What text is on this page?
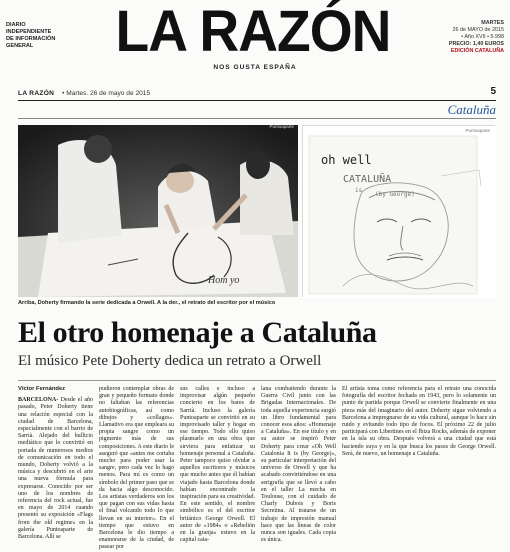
DIARIO
INDEPENDIENTE
DE INFORMACIÓN
GENERAL	LA RAZÓN
NOS GUSTA ESPAÑA
MARTES
26 de MAYO de 2015
• Año XVII • 5.998
PRECIO: 1,40 EUROS
EDICIÓN CATALUÑA
LA RAZÓN • Martes. 26 de mayo de 2015	5
Cataluña
Hom yo
Puntoaparte
oh well
CATALUÑA
is
(by George)
Puntoaparte
Arriba, Doherty firmando la serie dedicada a Orwell. A la der., el retrato del escritor por el músico
El otro homenaje a Cataluña
El músico Pete Doherty dedica un retrato a Orwell
Víctor Fernández

BARCELONA- Desde el año pasado, Peter Doherty tiene una relación especial con la ciudad de Barcelona, especialmente con el barrio de Sarrià. Alejado del bullicio mediático que lo convirtió en portada de numerosos medios de comunicación en todo el mundo, Doherty volvió a la música y descubrió en el arte una nueva fórmula para expresarse. Conocido por ser uno de los nombres de referencia del rock actual, fue en mayo de 2014 cuando presentó su exposición «Flags from the old regime» en la galería Puntoaparte de Barcelona. Allí se

pudieron contemplar obras de gran y pequeño formato donde no faltaban las referencias autobiográficas, así como dibujos y «collages». Llamativo era que empleara su propia sangre como un pigmento más de sus composiciones. A este diario le aseguró que «antes me cortaba mucho para poder usar la sangre, pero cada vez lo hago menos. Para mí es como un símbolo del primer paso que se da hacia algo desconocido. Los artistas verdaderos son los que pagan con sus vidas hasta el final volcando todo lo que llevan en su interior». En el tiempo que estuvo en Barcelona le dio tiempo a enamorarse de la ciudad, de pasear por

sus calles e incluso a improvisar algún pequeño concierto en los bares de Sarrià. Incluso la galería Puntoaparte se convirtió en su improvisado taller y hogar en ese tiempo. Todo ello quiso plasmarlo en una obra que sirviera para enfatizar su homenaje personal a Cataluña. Peter tampoco quiso olvidar a aquellos escritores y músicos que mucho antes que él habían viajado hasta Barcelona donde habían encontrado la inspiración para su creatividad. En este sentido, el nombre simbólico es el del escritor británico George Orwell. El autor de «1984» o «Rebelión en la granja» estuvo en la capital cata-

lana combatiendo durante la Guerra Civil junto con las Brigadas Internacionales. De toda aquella experiencia surgió un libro fundamental para conocer esos años: «Homenaje a Cataluña». En ese título y en su autor se inspiró Peter Doherty para crear «Oh Well Catalonia It is (by George)», su particular interpretación del universo de Orwell y que ha acabado convirtiéndose en una serigrafía que se llevó a cabo en el taller La mecha en Toulouse, con el cuidado de Charly Dubois y Boris Secretina. Al tratarse de un trabajo de impresión manual hace que las líneas de color nunca son iguales. Cada copia es única.

El artista toma como referencia para el retrato una conocida fotografía del escritor fechada en 1943, pero lo solamente un punto de partida porque Orwell se convierte finalmente en una pieza más del imaginario del autor. Doherty sigue volviendo a Barcelona a impregnarse de su vida cultural, aunque lo hace sin ruido y evitando todo tipo de focos. El próximo 22 de julio participará con Libertines en el Ibiza Rocks, además de exponer en la isla su obra. Después volverá a una ciudad que está haciendo suya y en la que busca los pasos de George Orwell. Será, de nuevo, un homenaje a Cataluña.
